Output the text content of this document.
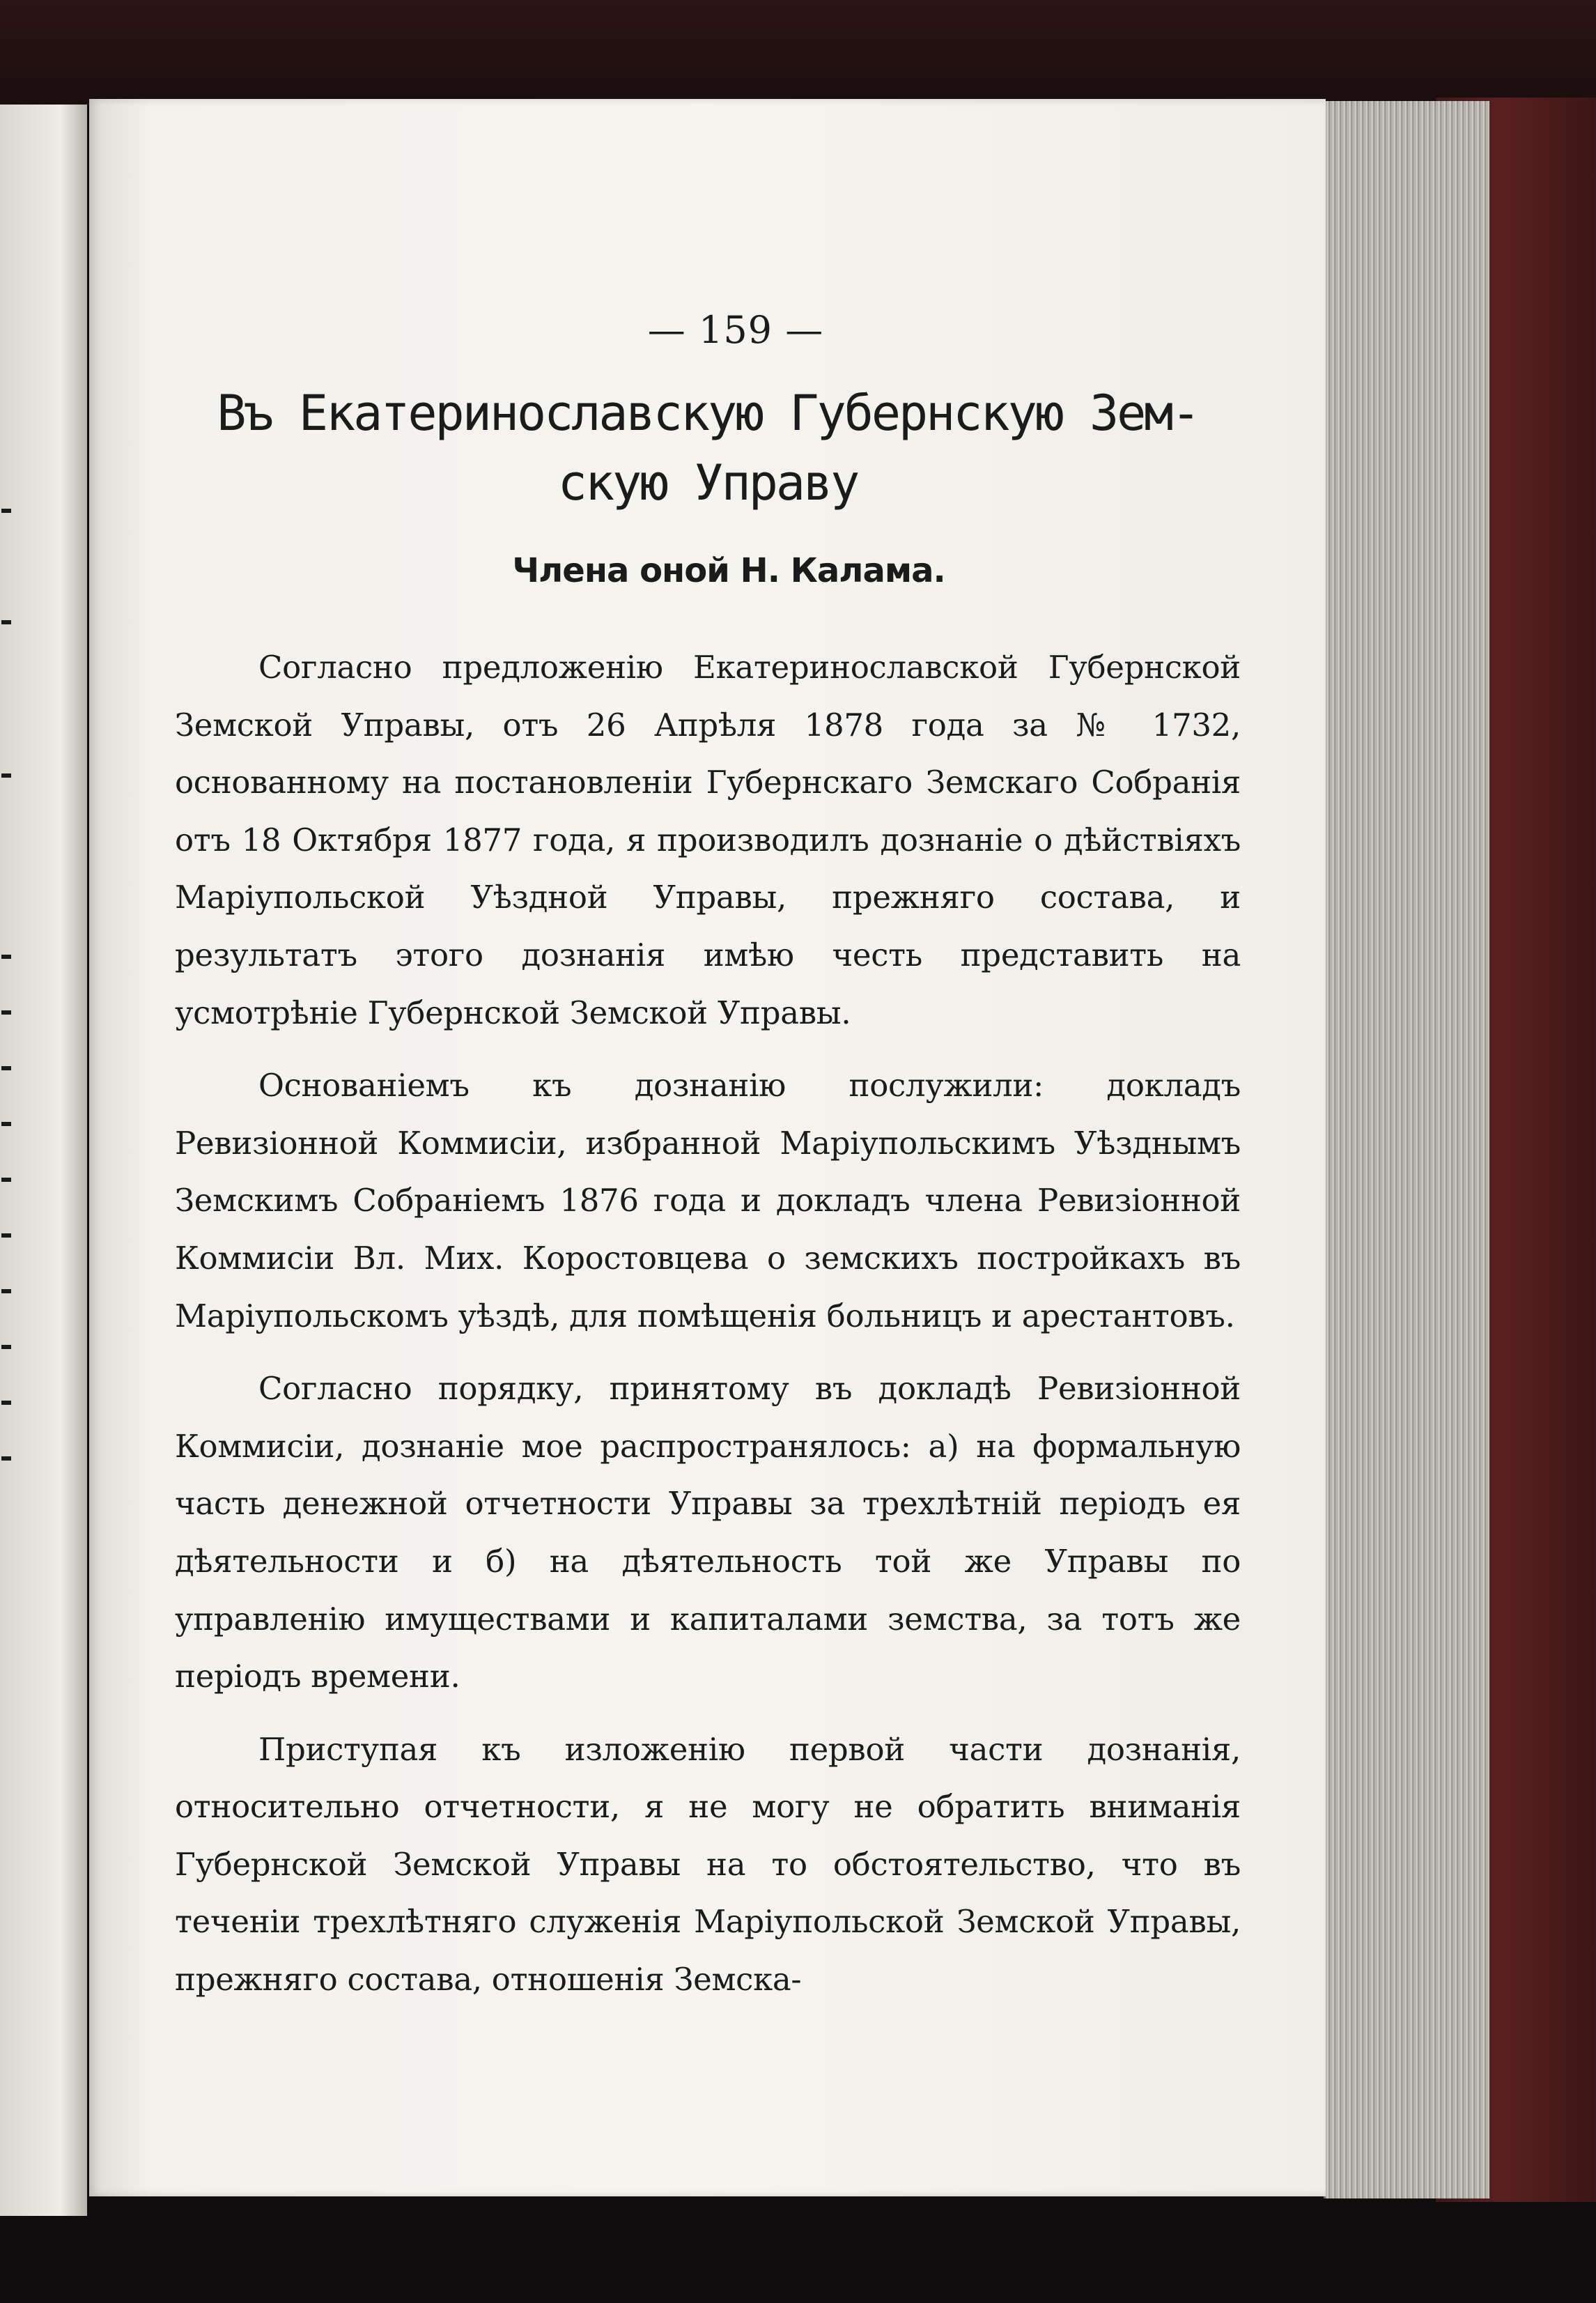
— 159 —
Въ Екатеринославскую Губернскую Зем-
скую Управу
Члена оной Н. Калама.

Согласно предложенію Екатеринославской Губернской Земской Управы, отъ 26 Апрѣля 1878 года за № 1732, основанному на постановленіи Губернскаго Земскаго Собранія отъ 18 Октября 1877 года, я производилъ дознаніе о дѣйствіяхъ Маріупольской Уѣздной Управы, прежняго состава, и результатъ этого дознанія имѣю честь представить на усмотрѣніе Губернской Земской Управы.

Основаніемъ къ дознанію послужили: докладъ Ревизіонной Коммисіи, избранной Маріупольскимъ Уѣзднымъ Земскимъ Собраніемъ 1876 года и докладъ члена Ревизіонной Коммисіи Вл. Мих. Коростовцева о земскихъ постройкахъ въ Маріупольскомъ уѣздѣ, для помѣщенія больницъ и арестантовъ.

Согласно порядку, принятому въ докладѣ Ревизіонной Коммисіи, дознаніе мое распространялось: а) на формальную часть денежной отчетности Управы за трехлѣтній періодъ ея дѣятельности и б) на дѣятельность той же Управы по управленію имуществами и капиталами земства, за тотъ же періодъ времени.

Приступая къ изложенію первой части дознанія, относительно отчетности, я не могу не обратить вниманія Губернской Земской Управы на то обстоятельство, что въ теченіи трехлѣтняго служенія Маріупольской Земской Управы, прежняго состава, отношенія Земска-
